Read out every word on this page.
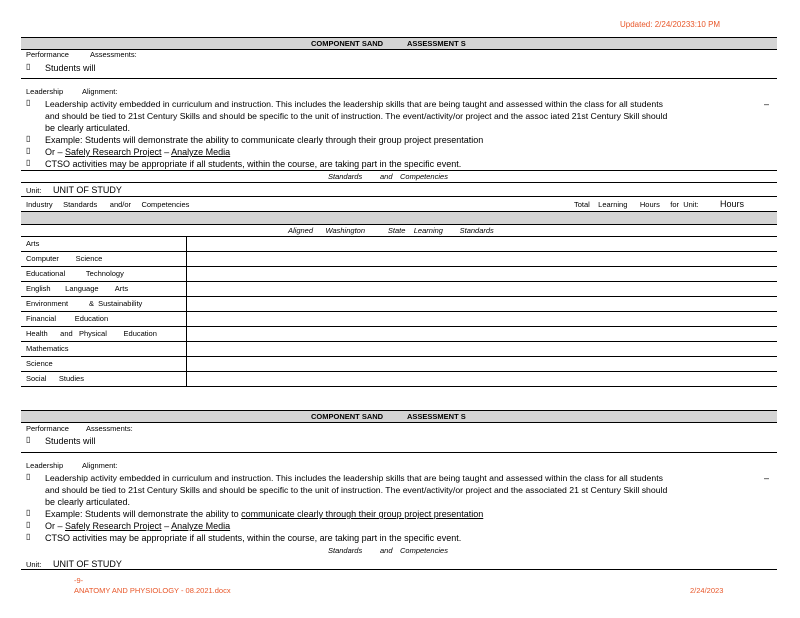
Updated: 2/24/20233:10 PM
COMPONENT SAND	ASSESSMENT S
Performance	Assessments:
▯ Students will
Leadership	Alignment:
▯ Leadership activity embedded in curriculum and instruction. This includes the leadership skills that are being taught and assessed within the class for all students	–
and should be tied to 21st Century Skills and should be specific to the unit of instruction. The event/activity/or project and the assoc iated 21st Century Skill should
be clearly articulated.
▯ Example: Students will demonstrate the ability to communicate clearly through their group project presentation
▯ Or – Safely Research Project – Analyze Media
▯ CTSO activities may be appropriate if all students, within the course, are taking part in the specific event.
Standards and Competencies
Unit: UNIT OF STUDY
Industry     Standards      and/or     Competencies	Total    Learning      Hours     for  Unit: Hours
Aligned      Washington           State    Learning        Standards
Arts
Computer        Science
Educational          Technology
English       Language        Arts
Environment          &  Sustainability
Financial         Education
Health      and   Physical        Education
Mathematics
Science
Social      Studies
COMPONENT SAND	ASSESSMENT S
Performance Assessments:
▯ Students will
Leadership	Alignment:
▯ Leadership activity embedded in curriculum and instruction. This includes the leadership skills that are being taught and assessed within the class for all students	–
and should be tied to 21st Century Skills and should be specific to the unit of instruction. The event/activity/or project and the associated 21 st Century Skill should
be clearly articulated.
▯ Example: Students will demonstrate the ability to communicate clearly through their group project presentation
▯ Or – Safely Research Project – Analyze Media
▯ CTSO activities may be appropriate if all students, within the course, are taking part in the specific event.
Standards and Competencies
Unit: UNIT OF STUDY
-9-
ANATOMY AND PHYSIOLOGY - 08.2021.docx	2/24/2023
